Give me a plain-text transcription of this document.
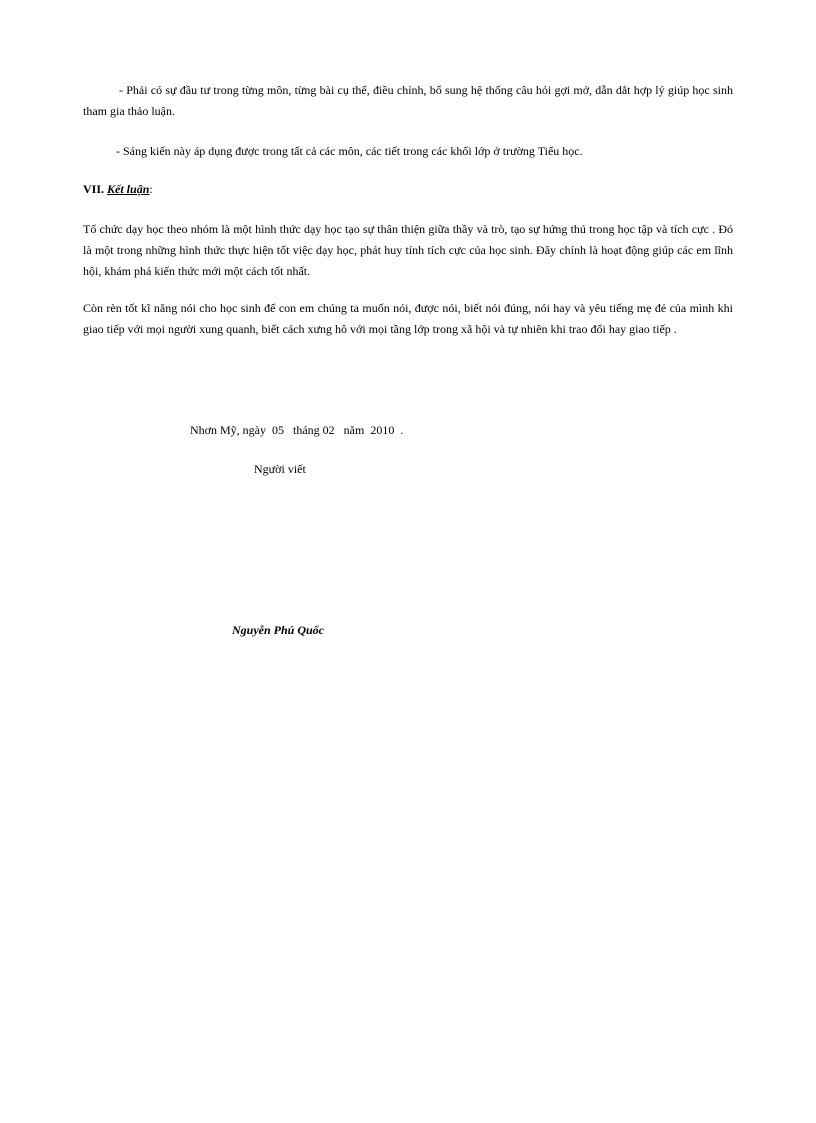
- Phải có sự đầu tư trong từng môn, từng bài cụ thể, điều chỉnh, bổ sung hệ thống câu hỏi gợi mở, dẫn dắt hợp lý giúp học sinh tham gia thảo luận.

- Sáng kiến này áp dụng được trong tất cả các môn, các tiết trong các khối lớp ở trường Tiểu học.

VII. Kết luận:

Tổ chức dạy học theo nhóm là một hình thức dạy học tạo sự thân thiện giữa thầy và trò, tạo sự hứng thú trong học tập và tích cực . Đó là một trong những hình thức thực hiện tốt việc dạy học, phát huy tính tích cực của học sinh. Đây chính là hoạt động giúp các em lĩnh hội, khám phá kiến thức mới một cách tốt nhất.

Còn rèn tốt kĩ năng nói cho học sinh để con em chúng ta muốn nói, được nói, biết nói đúng, nói hay và yêu tiếng mẹ đẻ của mình khi giao tiếp với mọi người xung quanh, biết cách xưng hô với mọi tầng lớp trong xã hội và tự nhiên khi trao đổi hay giao tiếp .

Nhơn Mỹ, ngày  05   tháng 02   năm  2010  .

Người viết

Nguyễn Phú Quốc
